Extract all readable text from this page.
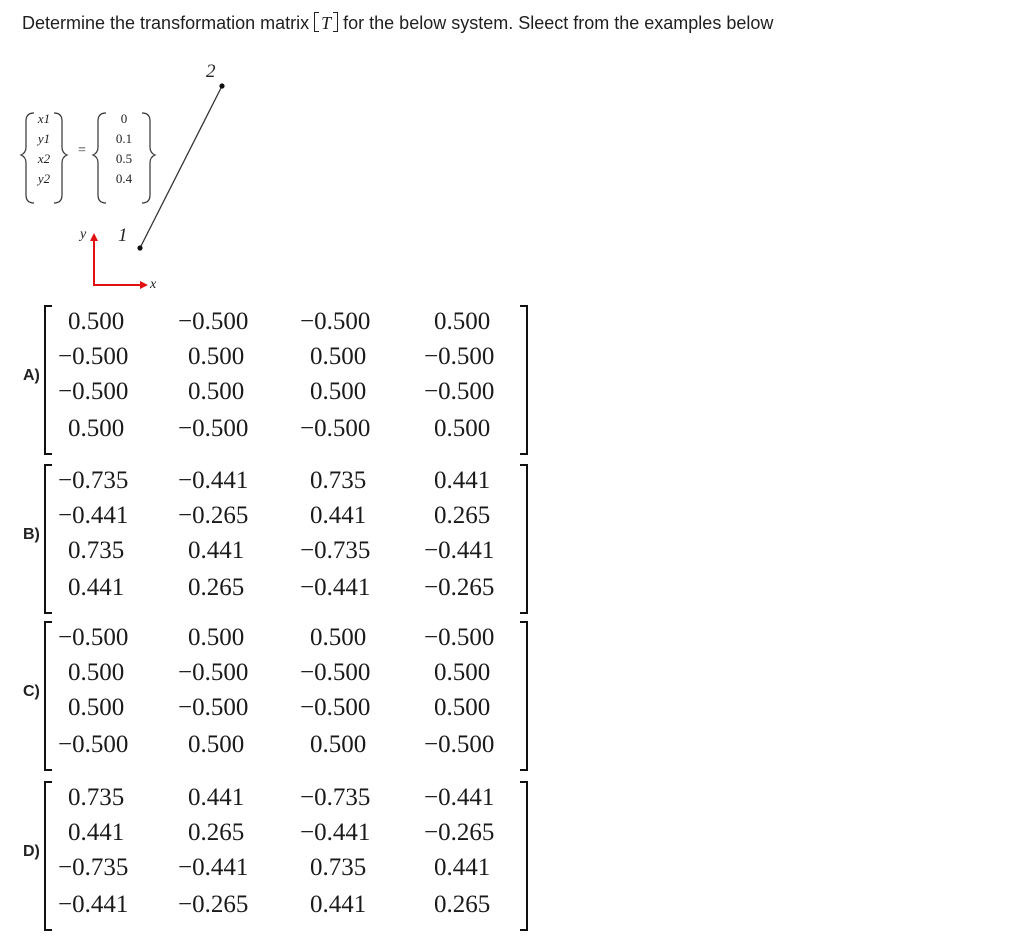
Determine the transformation matrix T for the below system. Sleect from the examples below
x1
y1
x2
y2
=
0
0.1
0.5
0.4
2
1
y
x
A)
0.500 −0.500 −0.500	0.500
−0.500 0.500	0.500 −0.500
−0.500 0.500	0.500 −0.500
0.500 −0.500 −0.500	0.500
B)
−0.735 −0.441 0.735	0.441
−0.441 −0.265 0.441	0.265
0.735	0.441 −0.735 −0.441
0.441	0.265 −0.441 −0.265
C)
−0.500 0.500	0.500 −0.500
0.500 −0.500 −0.500	0.500
0.500 −0.500 −0.500	0.500
−0.500 0.500	0.500 −0.500
D)
0.735	0.441 −0.735 −0.441
0.441	0.265 −0.441 −0.265
−0.735 −0.441 0.735	0.441
−0.441 −0.265 0.441	0.265
